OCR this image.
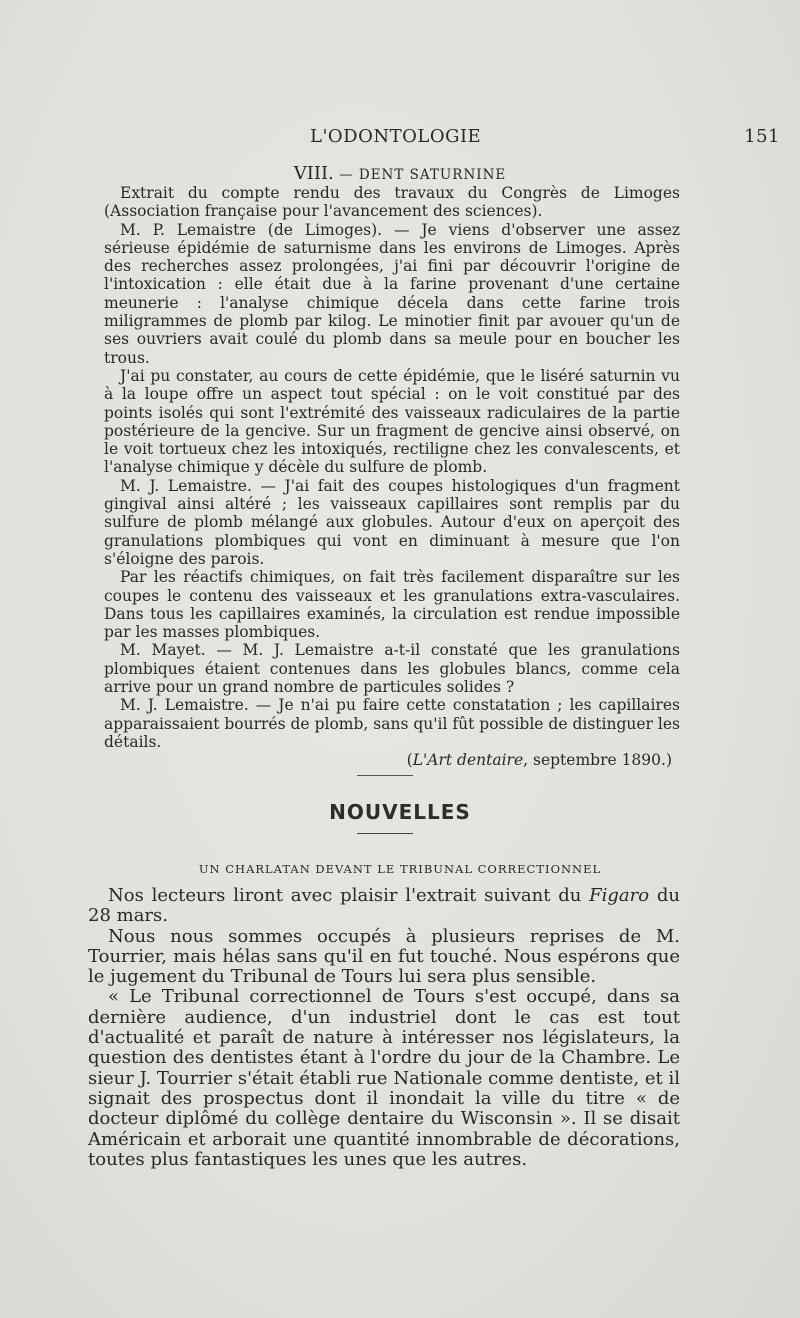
L'ODONTOLOGIE	151
VIII. — DENT SATURNINE

Extrait du compte rendu des travaux du Congrès de Limoges (Association française pour l'avancement des sciences).

M. P. Lemaistre (de Limoges). — Je viens d'observer une assez sérieuse épidémie de saturnisme dans les environs de Limoges. Après des recherches assez prolongées, j'ai fini par découvrir l'origine de l'intoxication : elle était due à la farine provenant d'une certaine meunerie : l'analyse chimique décela dans cette farine trois miligrammes de plomb par kilog. Le minotier finit par avouer qu'un de ses ouvriers avait coulé du plomb dans sa meule pour en boucher les trous.

J'ai pu constater, au cours de cette épidémie, que le liséré saturnin vu à la loupe offre un aspect tout spécial : on le voit constitué par des points isolés qui sont l'extrémité des vaisseaux radiculaires de la partie postérieure de la gencive. Sur un fragment de gencive ainsi observé, on le voit tortueux chez les intoxiqués, rectiligne chez les convalescents, et l'analyse chimique y décèle du sulfure de plomb.

M. J. Lemaistre. — J'ai fait des coupes histologiques d'un fragment gingival ainsi altéré ; les vaisseaux capillaires sont remplis par du sulfure de plomb mélangé aux globules. Autour d'eux on aperçoit des granulations plombiques qui vont en diminuant à mesure que l'on s'éloigne des parois.

Par les réactifs chimiques, on fait très facilement disparaître sur les coupes le contenu des vaisseaux et les granulations extra-vasculaires. Dans tous les capillaires examinés, la circulation est rendue impossible par les masses plombiques.

M. Mayet. — M. J. Lemaistre a-t-il constaté que les granulations plombiques étaient contenues dans les globules blancs, comme cela arrive pour un grand nombre de particules solides ?

M. J. Lemaistre. — Je n'ai pu faire cette constatation ; les capillaires apparaissaient bourrés de plomb, sans qu'il fût possible de distinguer les détails.

(L'Art dentaire, septembre 1890.)

NOUVELLES
UN CHARLATAN DEVANT LE TRIBUNAL CORRECTIONNEL

Nos lecteurs liront avec plaisir l'extrait suivant du Figaro du 28 mars.

Nous nous sommes occupés à plusieurs reprises de M. Tourrier, mais hélas sans qu'il en fut touché. Nous espérons que le jugement du Tribunal de Tours lui sera plus sensible.

« Le Tribunal correctionnel de Tours s'est occupé, dans sa dernière audience, d'un industriel dont le cas est tout d'actualité et paraît de nature à intéresser nos législateurs, la question des dentistes étant à l'ordre du jour de la Chambre. Le sieur J. Tourrier s'était établi rue Nationale comme dentiste, et il signait des prospectus dont il inondait la ville du titre « de docteur diplômé du collège dentaire du Wisconsin ». Il se disait Américain et arborait une quantité innombrable de décorations, toutes plus fantastiques les unes que les autres.
